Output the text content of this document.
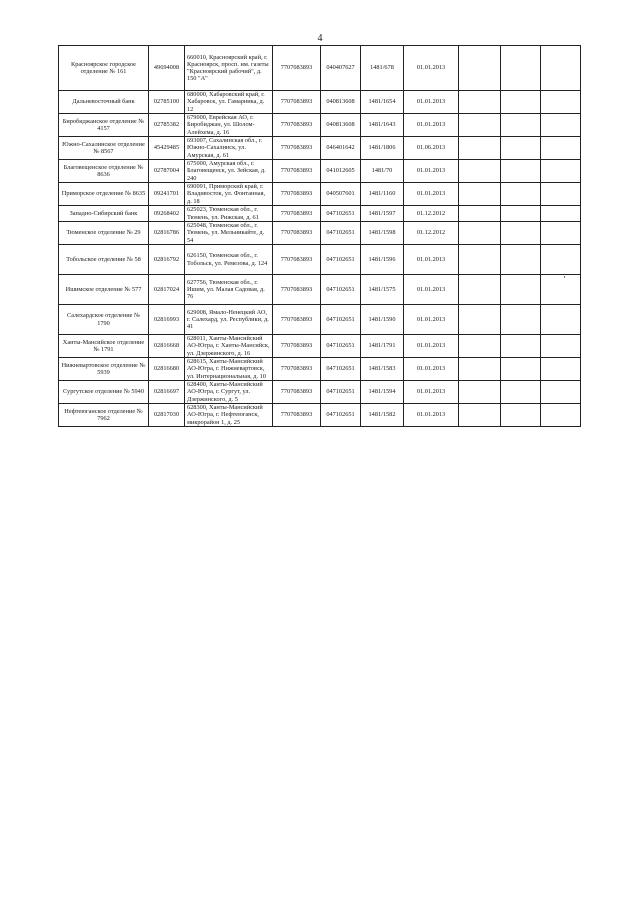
4
Красноярское городское отделение № 161	49694008	660010, Красноярский край, г. Красноярск, просп. им. газеты "Красноярский рабочий", д. 150 "А"	7707083893	040407627	1481/678	01.01.2013			
Дальневосточный банк	02785100	680000, Хабаровский край, г. Хабаровск, ул. Гамарника, д. 12	7707083893	040813608	1481/1654	01.01.2013			
Биробиджанское отделение № 4157	02785382	679000, Еврейская АО, г. Биробиджан, ул. Шолом-Алейхема, д. 16	7707083893	040813608	1481/1643	01.01.2013			
Южно-Сахалинское отделение № 8567	45429485	693007, Сахалинская обл., г. Южно-Сахалинск, ул. Амурская, д. 61	7707083893	046401642	1481/1806	01.06.2013			
Благовещенское отделение № 8636	02787004	675000, Амурская обл., г. Благовещенск, ул. Зейская, д. 240	7707083893	041012605	1481/70	01.01.2013			
Приморское отделение № 8635	09241701	690091, Приморский край, г. Владивосток, ул. Фонтанная, д. 18	7707083893	040507601	1481/1160	01.01.2013			
Западно-Сибирский банк	09268402	625023, Тюменская обл., г. Тюмень, ул. Рижская, д. 61	7707083893	047102651	1481/1597	01.12.2012			
Тюменское отделение № 29	02816786	625048, Тюменская обл., г. Тюмень, ул. Мельникайте, д. 54	7707083893	047102651	1481/1598	01.12.2012			
Тобольское отделение № 58	02816792	626150, Тюменская обл., г. Тобольск, ул. Ремезова, д. 124	7707083893	047102651	1481/1596	01.01.2013			
Ишимское отделение № 577	02817024	627756, Тюменская обл., г. Ишим, ул. Малая Садовая, д. 76	7707083893	047102651	1481/1575	01.01.2013			
Салехардское отделение № 1790	02816993	629008, Ямало-Ненецкий АО, г. Салехард, ул. Республики, д. 41	7707083893	047102651	1481/1590	01.01.2013			
Ханты-Мансийское отделение № 1791	02816668	628011, Ханты-Мансийский АО-Югра, г. Ханты-Мансийск, ул. Дзержинского, д. 16	7707083893	047102651	1481/1791	01.01.2013			
Нижневартовское отделение № 5939	02816680	628615, Ханты-Мансийский АО-Югра, г. Нижневартовск, ул. Интернациональная, д. 10	7707083893	047102651	1481/1583	01.01.2013			
Сургутское отделение № 5940	02816697	628400, Ханты-Мансийский АО-Югра, г. Сургут, ул. Дзержинского, д. 5	7707083893	047102651	1481/1594	01.01.2013			
Нефтеюганское отделение № 7962	02817030	628300, Ханты-Мансийский АО-Югра, г. Нефтеюганск, микрорайон 1, д. 25	7707083893	047102651	1481/1582	01.01.2013			
